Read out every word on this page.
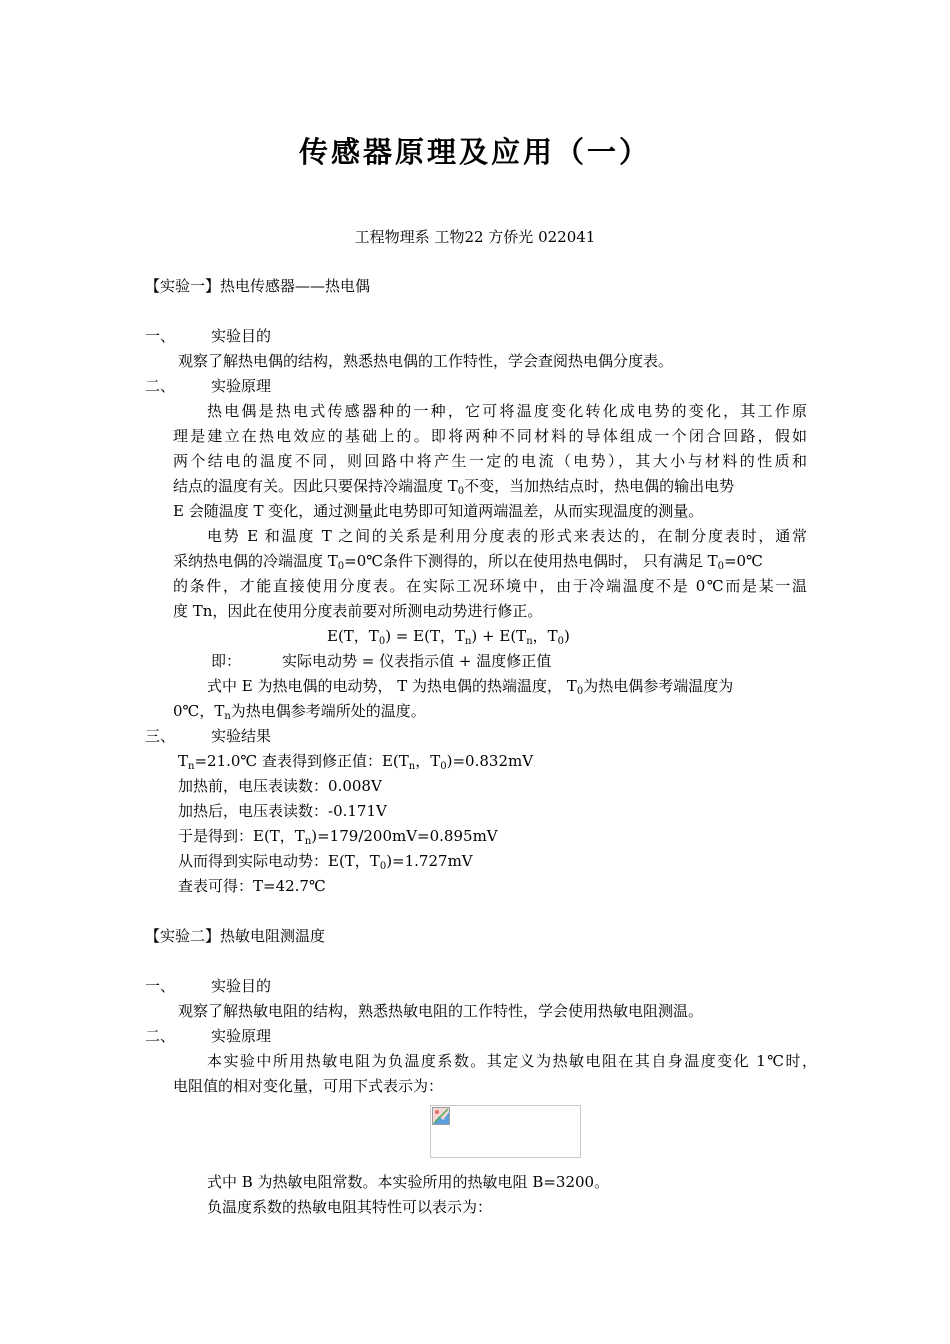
传感器原理及应用（一）
工程物理系 工物22 方侨光 022041
【实验一】热电传感器——热电偶
一、 实验目的
观察了解热电偶的结构，熟悉热电偶的工作特性，学会查阅热电偶分度表。
二、 实验原理
热电偶是热电式传感器种的一种，它可将温度变化转化成电势的变化，其工作原
理是建立在热电效应的基础上的。即将两种不同材料的导体组成一个闭合回路，假如
两个结电的温度不同，则回路中将产生一定的电流（电势），其大小与材料的性质和
结点的温度有关。因此只要保持冷端温度 $T_0$不变，当加热结点时，热电偶的输出电势
E 会随温度 T 变化，通过测量此电势即可知道两端温差，从而实现温度的测量。
电势 E 和温度 T 之间的关系是利用分度表的形式来表达的，在制分度表时，通常
采纳热电偶的冷端温度 $T_0=0℃$条件下测得的，所以在使用热电偶时， 只有满足 $T_0=0℃$
的条件，才能直接使用分度表。在实际工况环境中，由于冷端温度不是 0℃而是某一温
度 Tn，因此在使用分度表前要对所测电动势进行修正。
E(T，$T_0) = E(T$，$T_n) + E(T_n$，$T_0$)
即：	实际电动势 = 仪表指示值 + 温度修正值
式中 E 为热电偶的电动势， T 为热电偶的热端温度， $T_0$为热电偶参考端温度为
0℃，$T_n$为热电偶参考端所处的温度。
三、 实验结果
$T_n=21.0℃$ 查表得到修正值：$E(T_n$，$T_0)=0.832mV$
加热前，电压表读数：0.008V
加热后，电压表读数：-0.171V
于是得到：E(T，$T_n)=179/200mV=0.895mV$
从而得到实际电动势：E(T，$T_0)=1.727mV$
查表可得：T=42.7℃
【实验二】热敏电阻测温度
一、 实验目的
观察了解热敏电阻的结构，熟悉热敏电阻的工作特性，学会使用热敏电阻测温。
二、 实验原理
本实验中所用热敏电阻为负温度系数。其定义为热敏电阻在其自身温度变化 1℃时，
电阻值的相对变化量，可用下式表示为：
式中 B 为热敏电阻常数。本实验所用的热敏电阻 B=3200。
负温度系数的热敏电阻其特性可以表示为：
